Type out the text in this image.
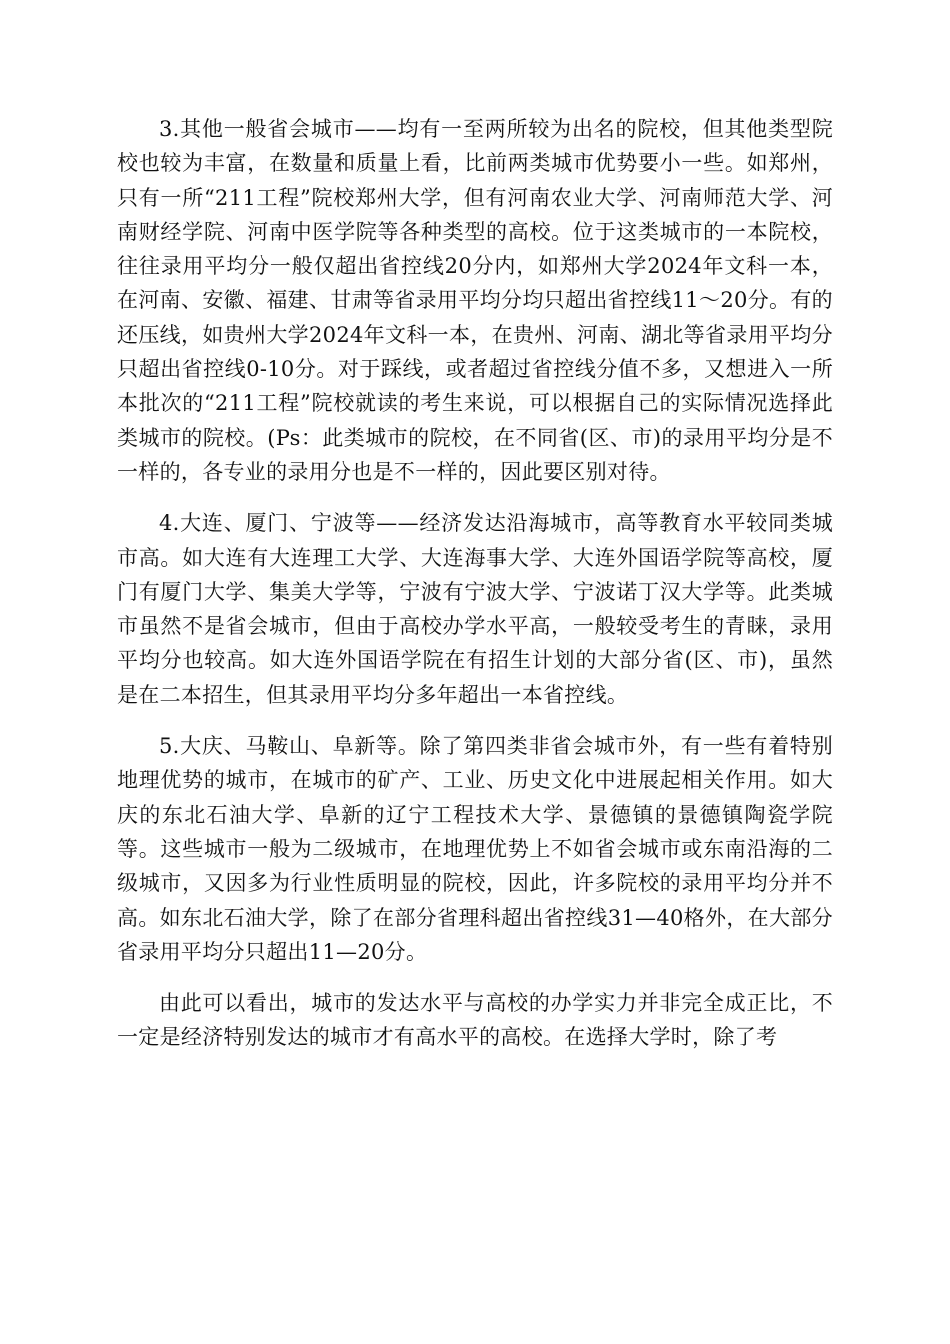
3.其他一般省会城市——均有一至两所较为出名的院校，但其他类型院校也较为丰富，在数量和质量上看，比前两类城市优势要小一些。如郑州，只有一所“211工程”院校郑州大学，但有河南农业大学、河南师范大学、河南财经学院、河南中医学院等各种类型的高校。位于这类城市的一本院校，往往录用平均分一般仅超出省控线20分内，如郑州大学2024年文科一本，在河南、安徽、福建、甘肃等省录用平均分均只超出省控线11～20分。有的还压线，如贵州大学2024年文科一本，在贵州、河南、湖北等省录用平均分只超出省控线0-10分。对于踩线，或者超过省控线分值不多，又想进入一所本批次的“211工程”院校就读的考生来说，可以根据自己的实际情况选择此类城市的院校。(Ps：此类城市的院校，在不同省(区、市)的录用平均分是不一样的，各专业的录用分也是不一样的，因此要区别对待。

4.大连、厦门、宁波等——经济发达沿海城市，高等教育水平较同类城市高。如大连有大连理工大学、大连海事大学、大连外国语学院等高校，厦门有厦门大学、集美大学等，宁波有宁波大学、宁波诺丁汉大学等。此类城市虽然不是省会城市，但由于高校办学水平高，一般较受考生的青睐，录用平均分也较高。如大连外国语学院在有招生计划的大部分省(区、市)，虽然是在二本招生，但其录用平均分多年超出一本省控线。

5.大庆、马鞍山、阜新等。除了第四类非省会城市外，有一些有着特别地理优势的城市，在城市的矿产、工业、历史文化中进展起相关作用。如大庆的东北石油大学、阜新的辽宁工程技术大学、景德镇的景德镇陶瓷学院等。这些城市一般为二级城市，在地理优势上不如省会城市或东南沿海的二级城市，又因多为行业性质明显的院校，因此，许多院校的录用平均分并不高。如东北石油大学，除了在部分省理科超出省控线31—40格外，在大部分省录用平均分只超出11—20分。

由此可以看出，城市的发达水平与高校的办学实力并非完全成正比，不一定是经济特别发达的城市才有高水平的高校。在选择大学时，除了考
